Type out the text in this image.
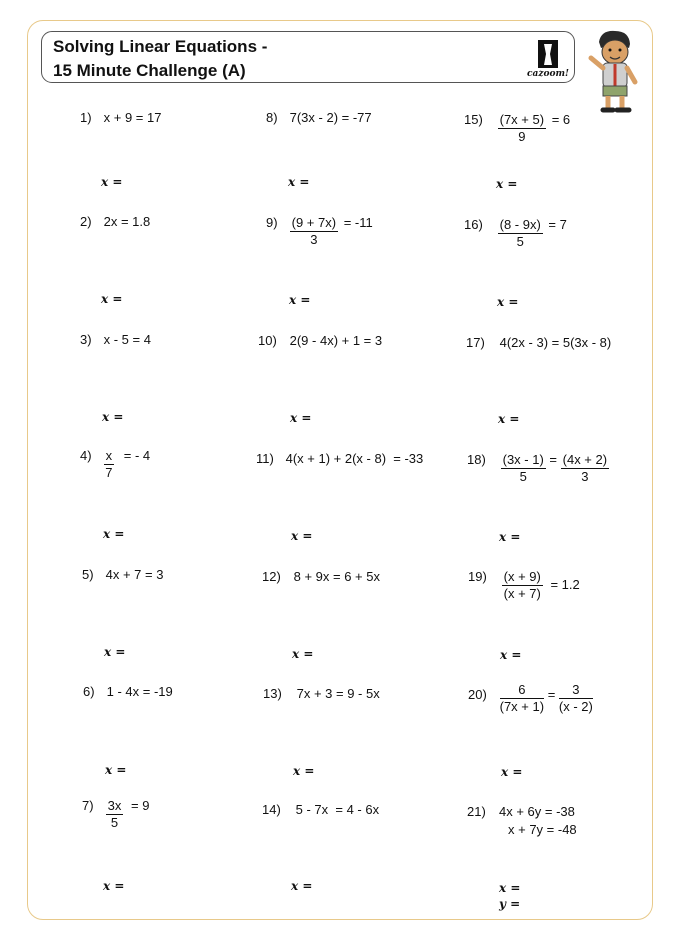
Solving Linear Equations -
15 Minute Challenge (A)	cazoom!
1) x + 9 = 17
2) 2x = 1.8
3) x - 5 = 4
$4) \frac{x}{7}$ = - 4
5) 4x + 7 = 3
6) 1 - 4x = -19
$7) \frac{3x}{5} = 9$
8) 7(3x - 2) = -77
$9) \frac{(9 + 7x)}{3} = -11$
10) 2(9 - 4x) + 1 = 3
11) 4(x + 1) + 2(x - 8)  = -33
12) 8 + 9x = 6 + 5x
13) 7x + 3 = 9 - 5x
14) 5 - 7x  = 4 - 6x
$15) \frac{(7x + 5)}{9} = 6$
$16) \frac{(8 - 9x)}{5} = 7$
17) 4(2x - 3) = 5(3x - 8)
$18) \frac{(3x - 1)}{5} = \frac{(4x + 2)}{3}$
$19) \frac{(x + 9)}{(x + 7)} = 1.2$
$20) \frac{6}{(7x + 1)} = \frac{3}{(x - 2)}$
21) 4x + 6y = -38
x + 7y = -48
x =	x =	x =
x =	x =	x =
x =	x =	x =
x =	x =	x =
x =	x =	x =
x =	x =	x =
x =	x =	x =
y =
